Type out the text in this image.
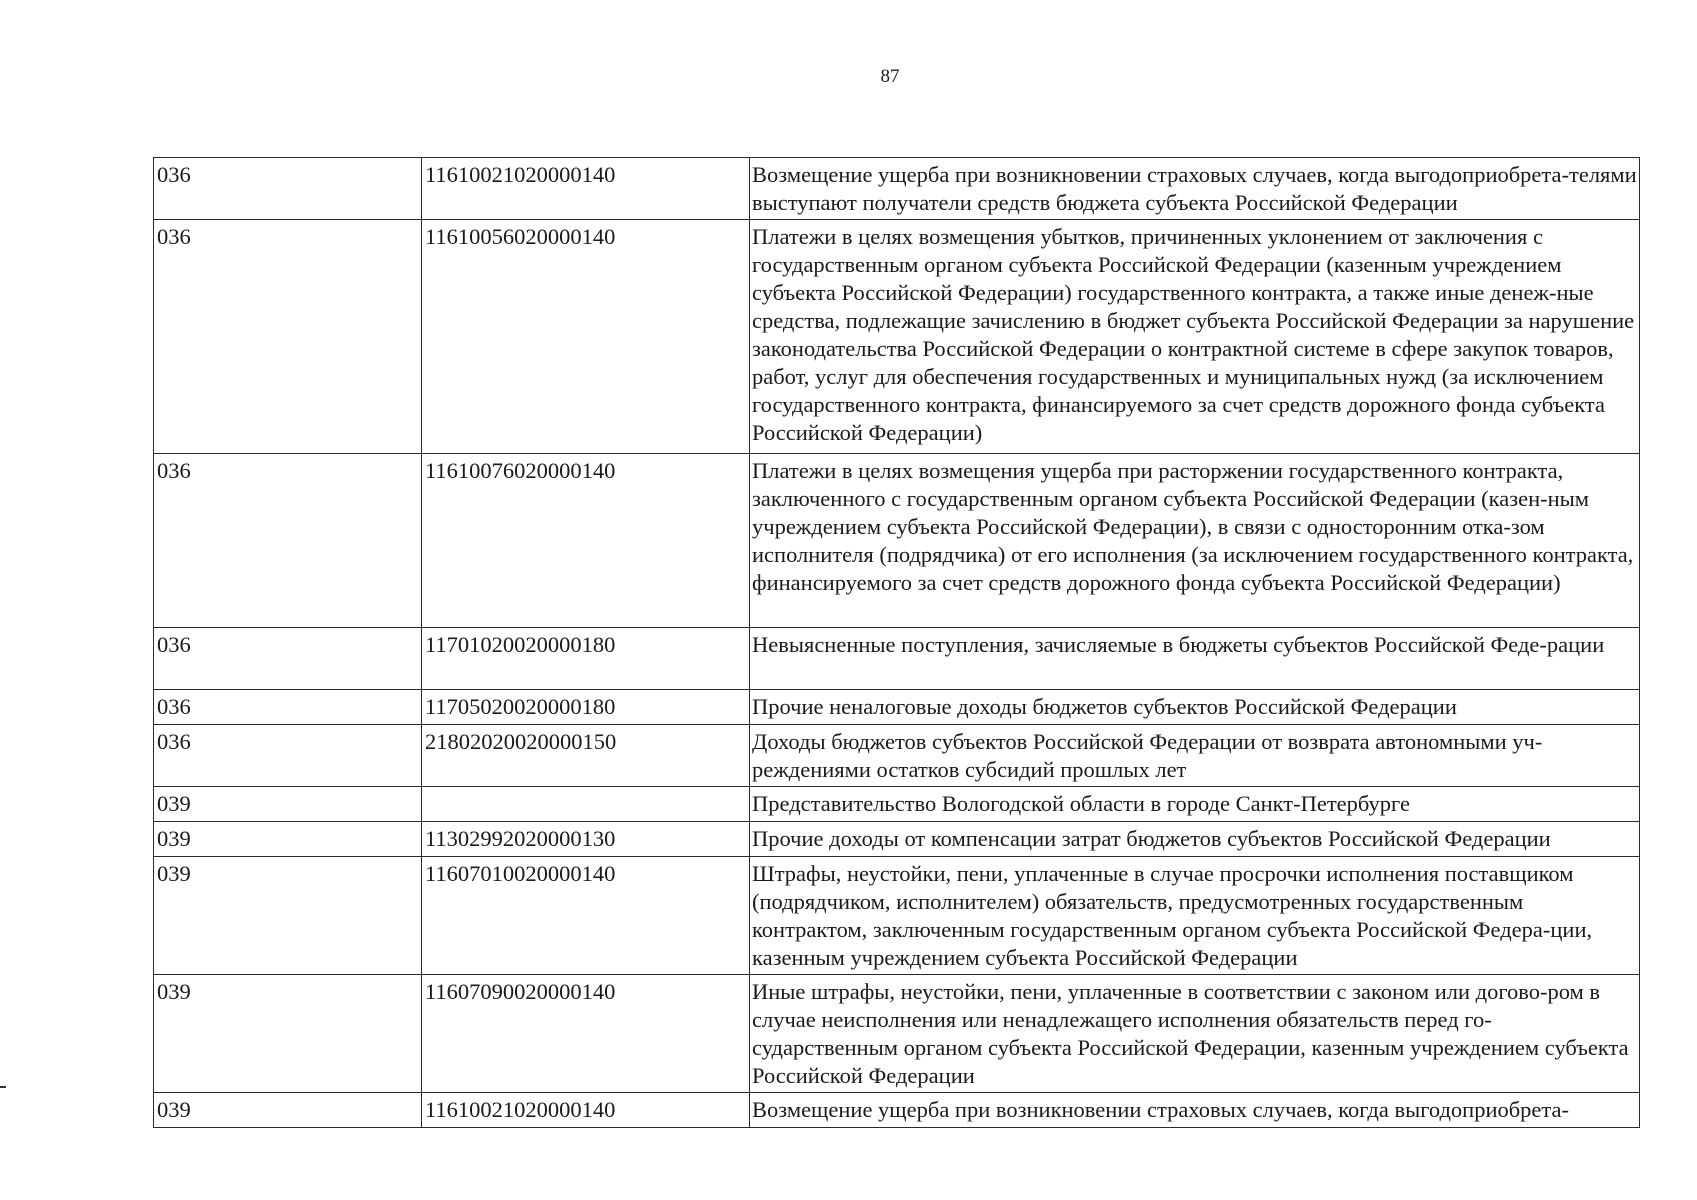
87
036	11610021020000140	Возмещение ущерба при возникновении страховых случаев, когда выгодоприобрета-телями выступают получатели средств бюджета субъекта Российской Федерации
036	11610056020000140	Платежи в целях возмещения убытков, причиненных уклонением от заключения с государственным органом субъекта Российской Федерации (казенным учреждением субъекта Российской Федерации) государственного контракта, а также иные денеж-ные средства, подлежащие зачислению в бюджет субъекта Российской Федерации за нарушение законодательства Российской Федерации о контрактной системе в сфере закупок товаров, работ, услуг для обеспечения государственных и муниципальных нужд (за исключением государственного контракта, финансируемого за счет средств дорожного фонда субъекта Российской Федерации)
036	11610076020000140	Платежи в целях возмещения ущерба при расторжении государственного контракта, заключенного с государственным органом субъекта Российской Федерации (казен-ным учреждением субъекта Российской Федерации), в связи с односторонним отка-зом исполнителя (подрядчика) от его исполнения (за исключением государственного контракта, финансируемого за счет средств дорожного фонда субъекта Российской Федерации)
036	11701020020000180	Невыясненные поступления, зачисляемые в бюджеты субъектов Российской Феде-рации
036	11705020020000180	Прочие неналоговые доходы бюджетов субъектов Российской Федерации
036	21802020020000150	Доходы бюджетов субъектов Российской Федерации от возврата автономными уч-реждениями остатков субсидий прошлых лет
039		Представительство Вологодской области в городе Санкт-Петербурге
039	11302992020000130	Прочие доходы от компенсации затрат бюджетов субъектов Российской Федерации
039	11607010020000140	Штрафы, неустойки, пени, уплаченные в случае просрочки исполнения поставщиком (подрядчиком, исполнителем) обязательств, предусмотренных государственным контрактом, заключенным государственным органом субъекта Российской Федера-ции, казенным учреждением субъекта Российской Федерации
039	11607090020000140	Иные штрафы, неустойки, пени, уплаченные в соответствии с законом или догово-ром в случае неисполнения или ненадлежащего исполнения обязательств перед го-сударственным органом субъекта Российской Федерации, казенным учреждением субъекта Российской Федерации
039	11610021020000140	Возмещение ущерба при возникновении страховых случаев, когда выгодоприобрета-
